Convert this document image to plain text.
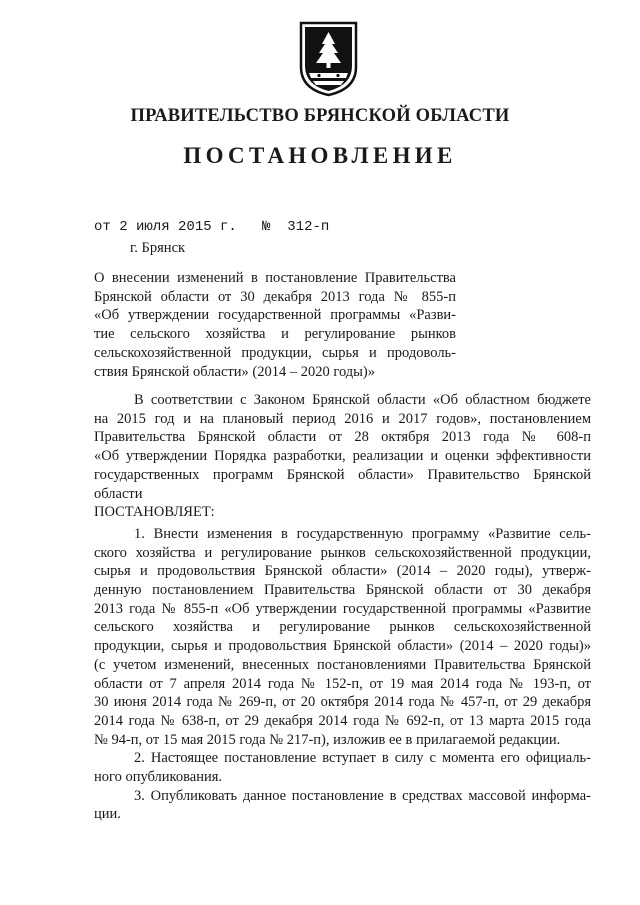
ПРАВИТЕЛЬСТВО БРЯНСКОЙ ОБЛАСТИ
ПОСТАНОВЛЕНИЕ
от 2 июля 2015 г. № 312-п
г. Брянск
О внесении изменений в постановление Правительства
Брянской области от 30 декабря 2013 года № 855-п
«Об утверждении государственной программы «Разви-
тие сельского хозяйства и регулирование рынков
сельскохозяйственной продукции, сырья и продоволь-
ствия Брянской области» (2014 – 2020 годы)»
В соответствии с Законом Брянской области «Об областном бюджете
на 2015 год и на плановый период 2016 и 2017 годов», постановлением
Правительства Брянской области от 28 октября 2013 года № 608-п
«Об утверждении Порядка разработки, реализации и оценки эффективности
государственных программ Брянской области» Правительство Брянской
области
ПОСТАНОВЛЯЕТ:
1. Внести изменения в государственную программу «Развитие сель-
ского хозяйства и регулирование рынков сельскохозяйственной продукции,
сырья и продовольствия Брянской области» (2014 – 2020 годы), утверж-
денную постановлением Правительства Брянской области от 30 декабря
2013 года № 855-п «Об утверждении государственной программы «Развитие
сельского хозяйства и регулирование рынков сельскохозяйственной
продукции, сырья и продовольствия Брянской области» (2014 – 2020 годы)»
(с учетом изменений, внесенных постановлениями Правительства Брянской
области от 7 апреля 2014 года № 152-п, от 19 мая 2014 года № 193-п, от
30 июня 2014 года № 269-п, от 20 октября 2014 года № 457-п, от 29 декабря
2014 года № 638-п, от 29 декабря 2014 года № 692-п, от 13 марта 2015 года
№ 94-п, от 15 мая 2015 года № 217-п), изложив ее в прилагаемой редакции.
2. Настоящее постановление вступает в силу с момента его официаль-
ного опубликования.
3. Опубликовать данное постановление в средствах массовой информа-
ции.
